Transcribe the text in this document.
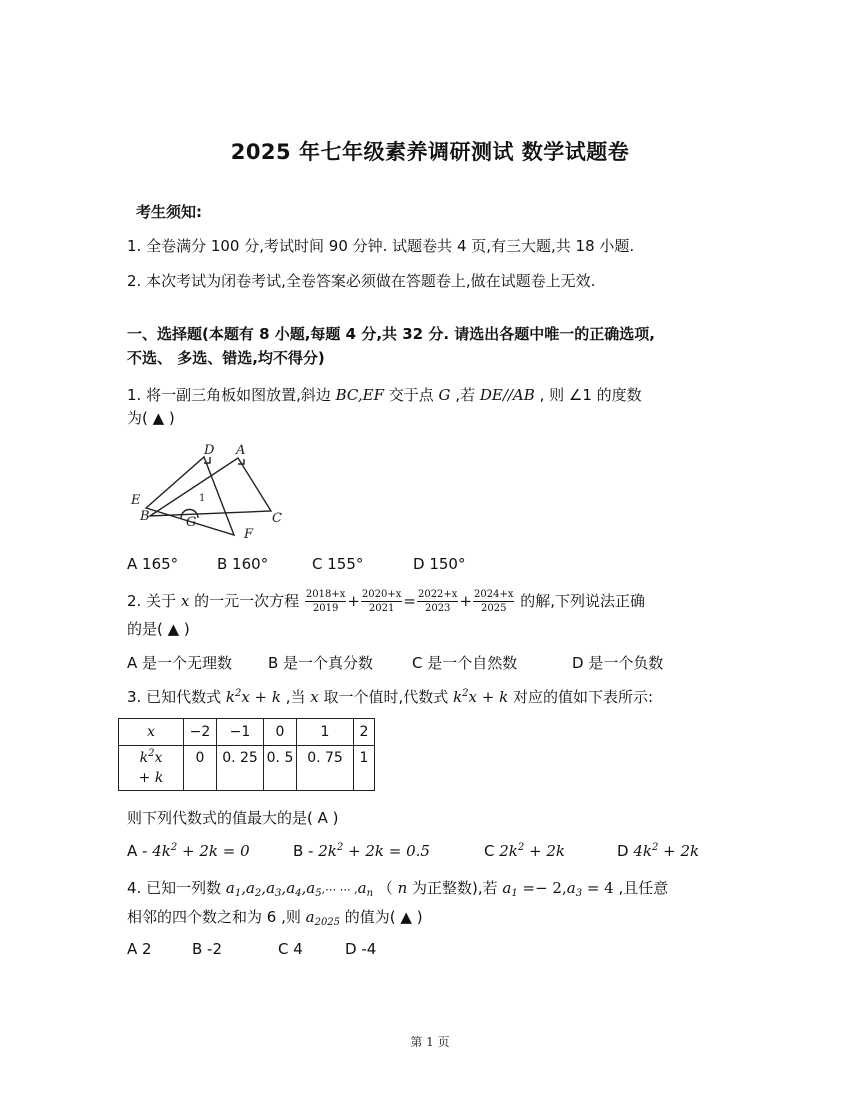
2025 年七年级素养调研测试 数学试题卷
考生须知:
1. 全卷满分 100 分,考试时间 90 分钟. 试题卷共 4 页,有三大题,共 18 小题.
2. 本次考试为闭卷考试,全卷答案必须做在答题卷上,做在试题卷上无效.
一、选择题(本题有 8 小题,每题 4 分,共 32 分. 请选出各题中唯一的正确选项,
不选、 多选、错选,均不得分)
1. 将一副三角板如图放置,斜边 BC,EF 交于点 G ,若 DE//AB , 则 ∠1 的度数
为( ▲ )
D A
E
B	G
F
C
1
A 165°	B 160°	C 155°	D 150°
2. 关于 x 的一元一次方程 $\frac{2018+x}{2019} + \frac{2020+x}{2021} = \frac{2022+x}{2023} + \frac{2024+x}{2025}$ 的解,下列说法正确
的是( ▲ )
A 是一个无理数 B 是一个真分数	C 是一个自然数	D 是一个负数
3. 已知代数式 $k^2x + k$ ,当 x 取一个值时,代数式 $k^2x + k$ 对应的值如下表所示:
x	−2	−1	0	1	2
$k^2x$
+ k	0	0. 25	0. 5	0. 75	1
则下列代数式的值最大的是( A )
$A - 4k^2 + 2k = 0$	$B - 2k^2 + 2k = 0.5$	C $2k^2 + 2k$	D $4k^2 + 2k$
4. 已知一列数 $a_1,a_2,a_3,a_4,a_5,\cdots$ ⋯ $,a_n$ （ n 为正整数),若 $a_1 =- 2,a_3 = 4$ ,且任意
相邻的四个数之和为 6 ,则 $a_{2025}$ 的值为( ▲ )
A 2	B -2	C 4	D -4
第 1 页
